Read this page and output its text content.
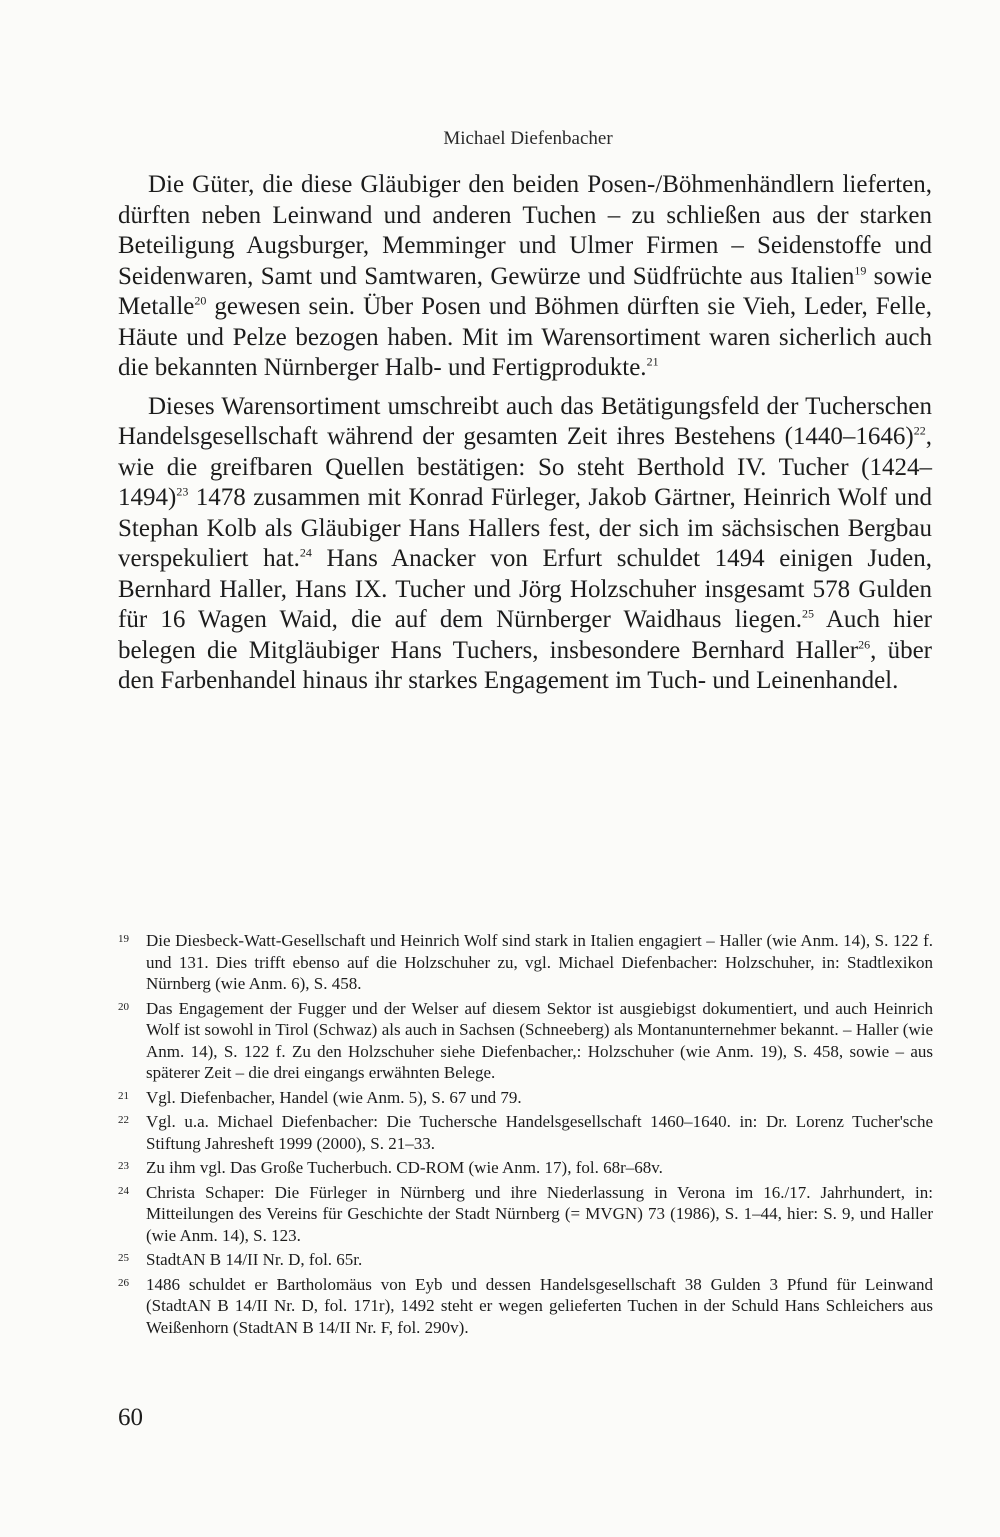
Michael Diefenbacher

Die Güter, die diese Gläubiger den beiden Posen-/Böhmenhändlern lieferten, dürften neben Leinwand und anderen Tuchen – zu schließen aus der starken Beteiligung Augsburger, Memminger und Ulmer Firmen – Seidenstoffe und Seidenwaren, Samt und Samtwaren, Gewürze und Südfrüchte aus Italien$^{19}$ sowie Metalle$^{20}$ gewesen sein. Über Posen und Böhmen dürften sie Vieh, Leder, Felle, Häute und Pelze bezogen haben. Mit im Warensortiment waren sicherlich auch die bekannten Nürnberger Halb- und Fertigprodukte.$^{21}$

Dieses Warensortiment umschreibt auch das Betätigungsfeld der Tucherschen Handelsgesellschaft während der gesamten Zeit ihres Bestehens (1440–1646)$^{22}$, wie die greifbaren Quellen bestätigen: So steht Berthold IV. Tucher (1424–1494)$^{23}$ 1478 zusammen mit Konrad Fürleger, Jakob Gärtner, Heinrich Wolf und Stephan Kolb als Gläubiger Hans Hallers fest, der sich im sächsischen Bergbau verspekuliert hat.$^{24}$ Hans Anacker von Erfurt schuldet 1494 einigen Juden, Bernhard Haller, Hans IX. Tucher und Jörg Holzschuher insgesamt 578 Gulden für 16 Wagen Waid, die auf dem Nürnberger Waidhaus liegen.$^{25}$ Auch hier belegen die Mitgläubiger Hans Tuchers, insbesondere Bernhard Haller$^{26}$, über den Farbenhandel hinaus ihr starkes Engagement im Tuch- und Leinenhandel.

19	Die Diesbeck-Watt-Gesellschaft und Heinrich Wolf sind stark in Italien engagiert – Haller (wie Anm. 14), S. 122 f. und 131. Dies trifft ebenso auf die Holzschuher zu, vgl. Michael Diefenbacher: Holzschuher, in: Stadtlexikon Nürnberg (wie Anm. 6), S. 458.
20	Das Engagement der Fugger und der Welser auf diesem Sektor ist ausgiebigst dokumentiert, und auch Heinrich Wolf ist sowohl in Tirol (Schwaz) als auch in Sachsen (Schneeberg) als Montanunternehmer bekannt. – Haller (wie Anm. 14), S. 122 f. Zu den Holzschuher siehe Diefenbacher,: Holzschuher (wie Anm. 19), S. 458, sowie – aus späterer Zeit – die drei eingangs erwähnten Belege.
21	Vgl. Diefenbacher, Handel (wie Anm. 5), S. 67 und 79.
22	Vgl. u.a. Michael Diefenbacher: Die Tuchersche Handelsgesellschaft 1460–1640. in: Dr. Lorenz Tucher'sche Stiftung Jahresheft 1999 (2000), S. 21–33.
23	Zu ihm vgl. Das Große Tucherbuch. CD-ROM (wie Anm. 17), fol. 68r–68v.
24	Christa Schaper: Die Fürleger in Nürnberg und ihre Niederlassung in Verona im 16./17. Jahrhundert, in: Mitteilungen des Vereins für Geschichte der Stadt Nürnberg (= MVGN) 73 (1986), S. 1–44, hier: S. 9, und Haller (wie Anm. 14), S. 123.
25	StadtAN B 14/II Nr. D, fol. 65r.
26	1486 schuldet er Bartholomäus von Eyb und dessen Handelsgesellschaft 38 Gulden 3 Pfund für Leinwand (StadtAN B 14/II Nr. D, fol. 171r), 1492 steht er wegen gelieferten Tuchen in der Schuld Hans Schleichers aus Weißenhorn (StadtAN B 14/II Nr. F, fol. 290v).
60
